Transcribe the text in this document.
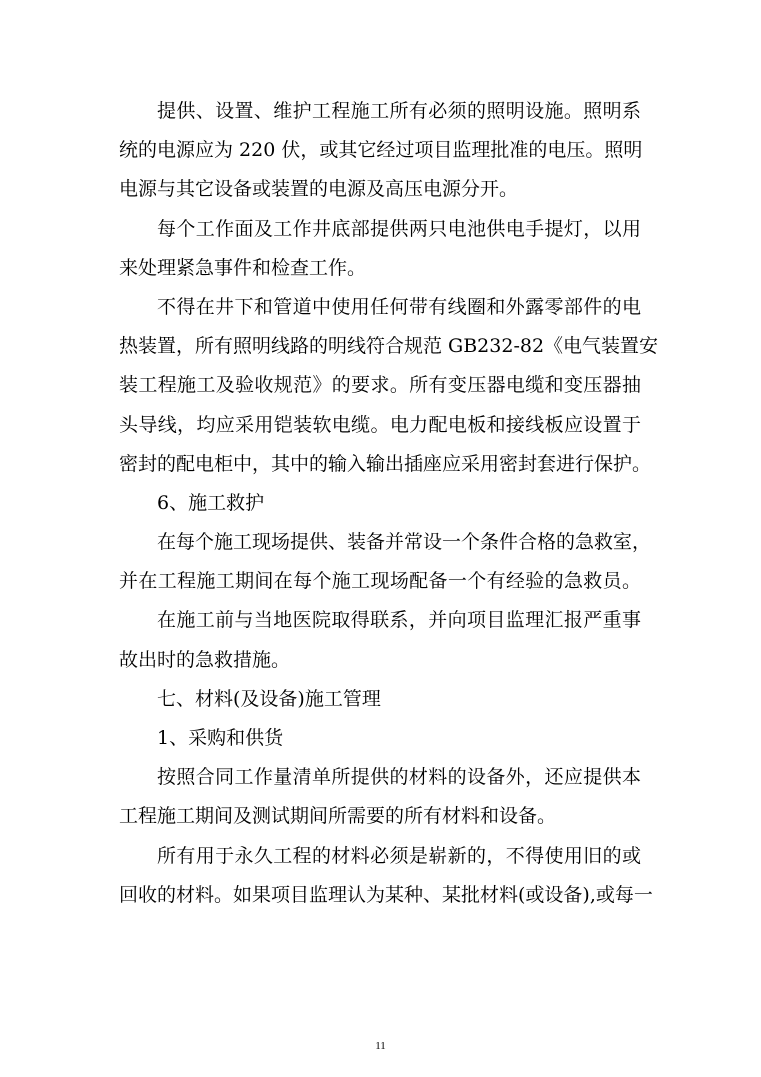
提供、设置、维护工程施工所有必须的照明设施。照明系
统的电源应为 220 伏，或其它经过项目监理批准的电压。照明
电源与其它设备或装置的电源及高压电源分开。
每个工作面及工作井底部提供两只电池供电手提灯，以用
来处理紧急事件和检查工作。
不得在井下和管道中使用任何带有线圈和外露零部件的电
热装置，所有照明线路的明线符合规范 GB232-82《电气装置安
装工程施工及验收规范》的要求。所有变压器电缆和变压器抽
头导线，均应采用铠装软电缆。电力配电板和接线板应设置于
密封的配电柜中，其中的输入输出插座应采用密封套进行保护。
6、施工救护
在每个施工现场提供、装备并常设一个条件合格的急救室，
并在工程施工期间在每个施工现场配备一个有经验的急救员。
在施工前与当地医院取得联系，并向项目监理汇报严重事
故出时的急救措施。
七、材料(及设备)施工管理
1、采购和供货
按照合同工作量清单所提供的材料的设备外，还应提供本
工程施工期间及测试期间所需要的所有材料和设备。
所有用于永久工程的材料必须是崭新的，不得使用旧的或
回收的材料。如果项目监理认为某种、某批材料(或设备),或每一
11
